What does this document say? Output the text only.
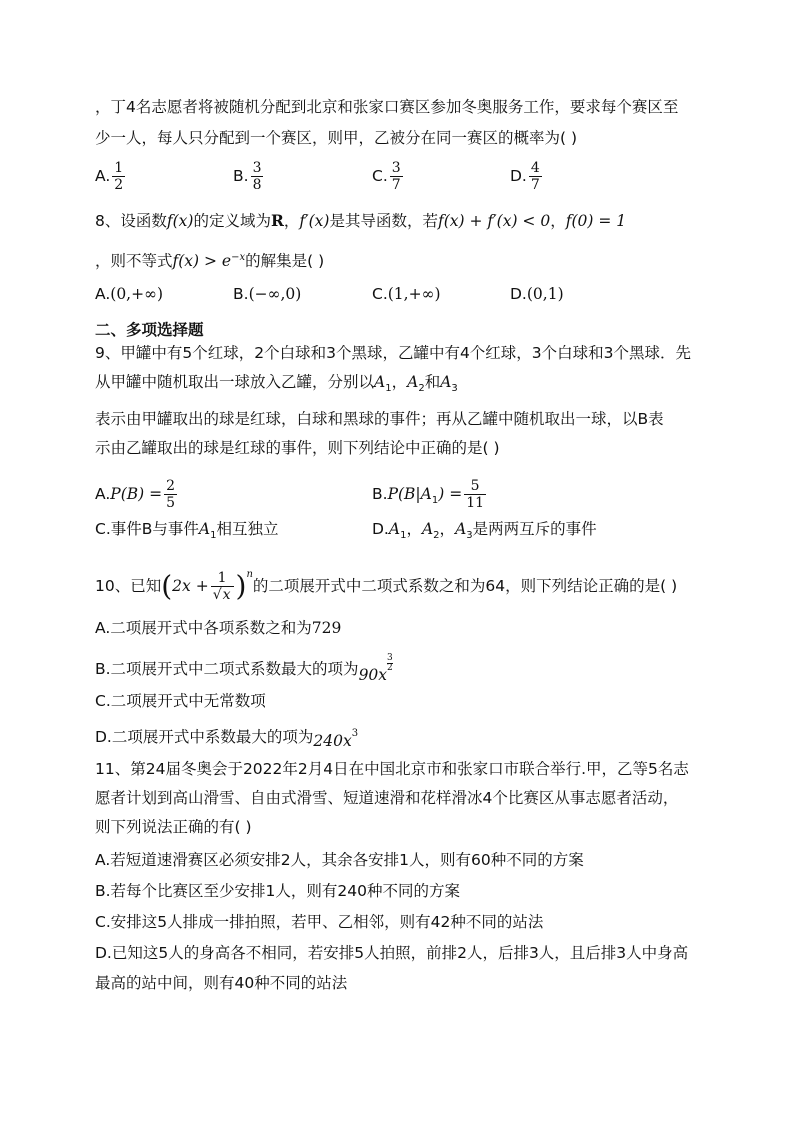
，丁4名志愿者将被随机分配到北京和张家口赛区参加冬奥服务工作，要求每个赛区至
少一人，每人只分配到一个赛区，则甲，乙被分在同一赛区的概率为( )
A. $\frac{1}{2}$	B. $\frac{3}{8}$	C. $\frac{3}{7}$	D. $\frac{4}{7}$
8、设函数f(x)的定义域为R，f′(x)是其导函数，若f(x) + f′(x) < 0，f(0) = 1
，则不等式$f(x) > e^{-x}$的解集是( )
A.(0,+∞)	B.(−∞,0)	C.(1,+∞)	D.(0,1)
二、多项选择题
9、甲罐中有5个红球，2个白球和3个黑球，乙罐中有4个红球，3个白球和3个黑球．先
从甲罐中随机取出一球放入乙罐，分别以$A_1$，$A_2$和$A_3$
表示由甲罐取出的球是红球，白球和黑球的事件；再从乙罐中随机取出一球，以B表
示由乙罐取出的球是红球的事件，则下列结论中正确的是( )
$A.P(B) = \frac{2}{5}$	$B.P(B|A_1) = \frac{5}{11}$
C.事件B与事件$A_1$相互独立	$D.A_1$，$A_2$，$A_3$是两两互斥的事件
10、已知$(2x + \frac{1}{√x} )^n$的二项展开式中二项式系数之和为64，则下列结论正确的是( )
A.二项展开式中各项系数之和为729
B.二项展开式中二项式系数最大的项为90x
$\frac{3}{2}$
C.二项展开式中无常数项
D.二项展开式中系数最大的项为$240x^3$
11、第24届冬奥会于2022年2月4日在中国北京市和张家口市联合举行.甲，乙等5名志
愿者计划到高山滑雪、自由式滑雪、短道速滑和花样滑冰4个比赛区从事志愿者活动，
则下列说法正确的有( )
A.若短道速滑赛区必须安排2人，其余各安排1人，则有60种不同的方案
B.若每个比赛区至少安排1人，则有240种不同的方案
C.安排这5人排成一排拍照，若甲、乙相邻，则有42种不同的站法
D.已知这5人的身高各不相同，若安排5人拍照，前排2人，后排3人，且后排3人中身高
最高的站中间，则有40种不同的站法
